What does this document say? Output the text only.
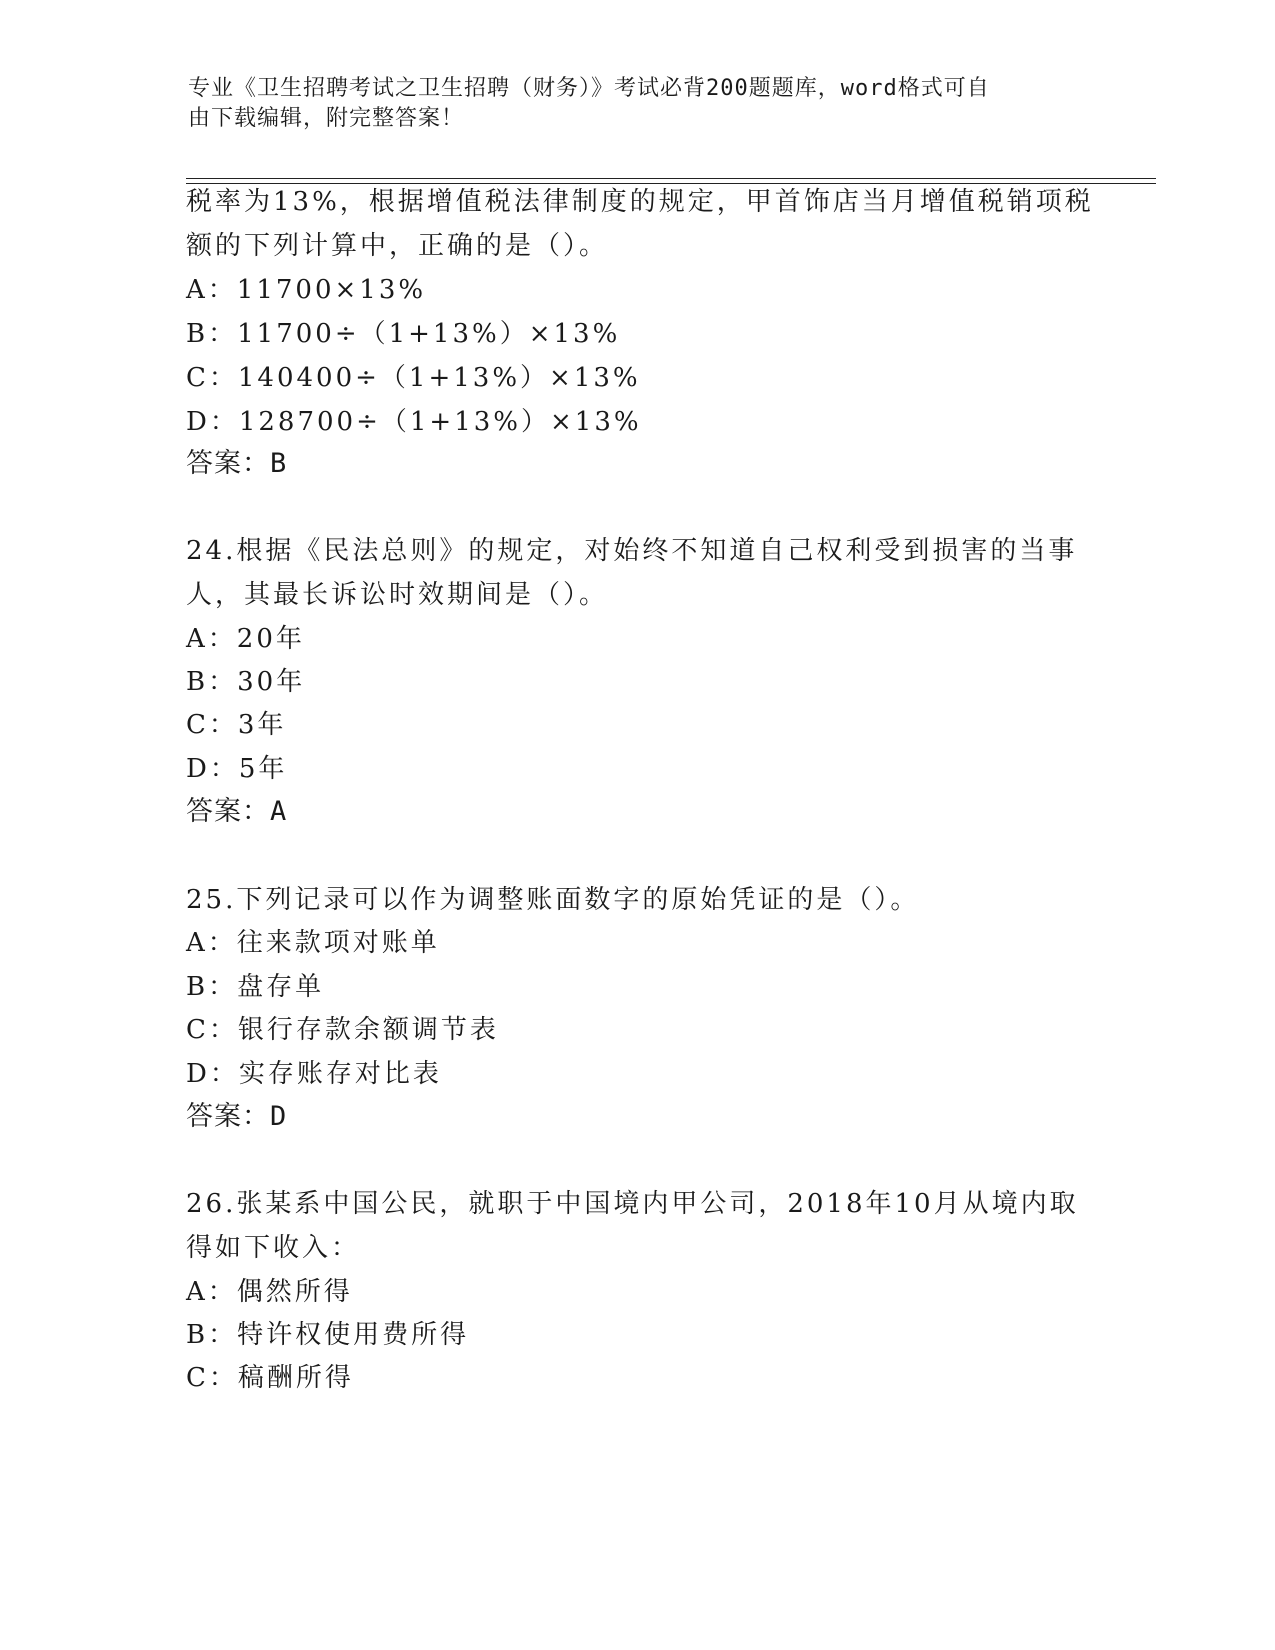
专业《卫生招聘考试之卫生招聘（财务）》考试必背200题题库，word格式可自
由下载编辑，附完整答案！
税率为13%，根据增值税法律制度的规定，甲首饰店当月增值税销项税
额的下列计算中，正确的是（）。
A：11700×13%
B：11700÷（1+13%）×13%
C：140400÷（1+13%）×13%
D：128700÷（1+13%）×13%
答案：B
24.根据《民法总则》的规定，对始终不知道自己权利受到损害的当事
人，其最长诉讼时效期间是（）。
A：20年
B：30年
C：3年
D：5年
答案：A
25.下列记录可以作为调整账面数字的原始凭证的是（）。
A：往来款项对账单
B：盘存单
C：银行存款余额调节表
D：实存账存对比表
答案：D
26.张某系中国公民，就职于中国境内甲公司，2018年10月从境内取
得如下收入：
A：偶然所得
B：特许权使用费所得
C：稿酬所得
